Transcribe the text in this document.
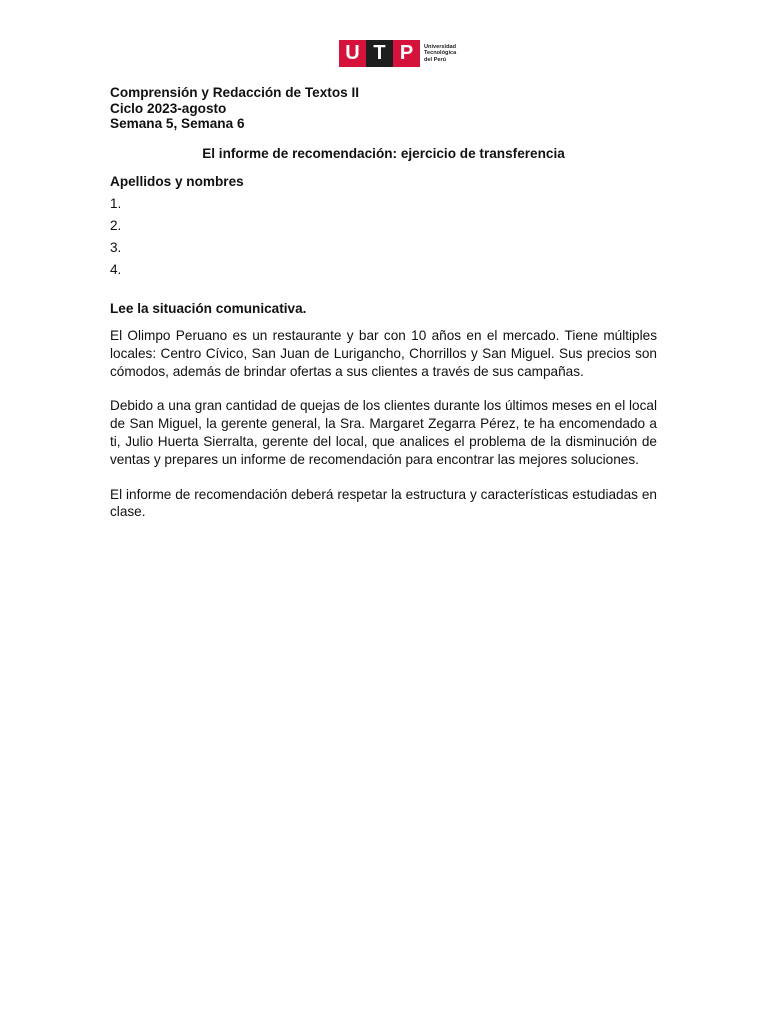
U T P	Universidad
Tecnológica
del Perú
Comprensión y Redacción de Textos II
Ciclo 2023-agosto
Semana 5, Semana 6
El informe de recomendación: ejercicio de transferencia
Apellidos y nombres
1.
2.
3.
4.
Lee la situación comunicativa.

El Olimpo Peruano es un restaurante y bar con 10 años en el mercado. Tiene múltiples locales: Centro Cívico, San Juan de Lurigancho, Chorrillos y San Miguel. Sus precios son cómodos, además de brindar ofertas a sus clientes a través de sus campañas.

Debido a una gran cantidad de quejas de los clientes durante los últimos meses en el local de San Miguel, la gerente general, la Sra. Margaret Zegarra Pérez, te ha encomendado a ti, Julio Huerta Sierralta, gerente del local, que analices el problema de la disminución de ventas y prepares un informe de recomendación para encontrar las mejores soluciones.

El informe de recomendación deberá respetar la estructura y características estudiadas en clase.
